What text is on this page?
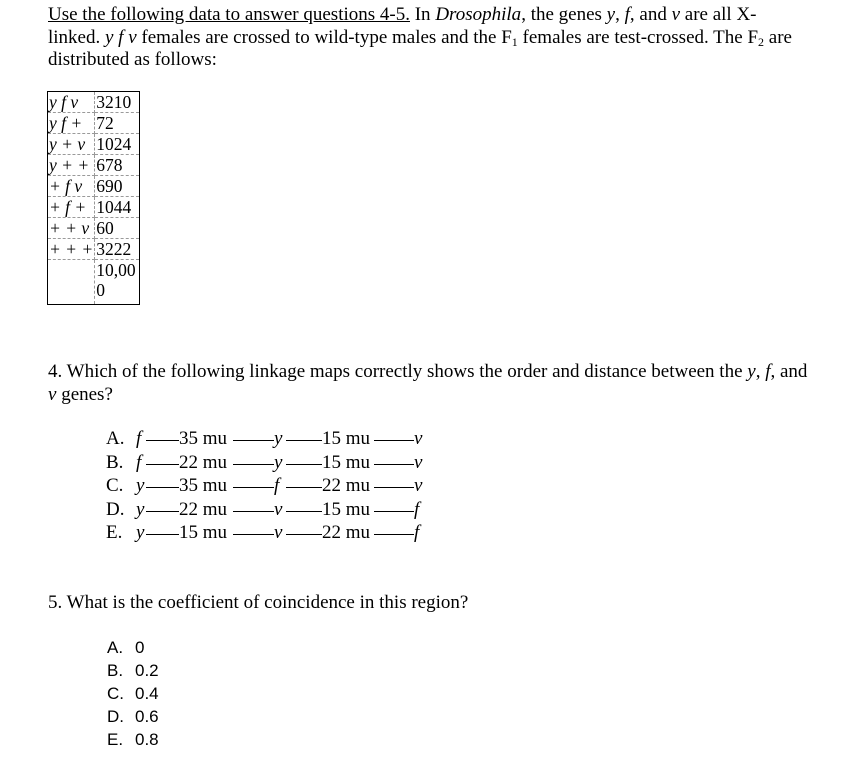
Use the following data to answer questions 4-5. In Drosophila, the genes y, f, and v are all X-linked. y f v females are crossed to wild-type males and the $F_1$ females are test-crossed. The $F_2$ are distributed as follows:

y f v	3210
y f +	72
y + v	1024
y + +	678
+ f v	690
+ f +	1044
+ + v	60
+ + +	3222
	10,000

4. Which of the following linkage maps correctly shows the order and distance between the y, f, and v genes?

A. f 35 mu y 15 mu v
B. f 22 mu y 15 mu v
C. y 35 mu f 22 mu v
D. y 22 mu v 15 mu f
E. y 15 mu v 22 mu f

5. What is the coefficient of coincidence in this region?

A. 0
B. 0.2
C. 0.4
D. 0.6
E. 0.8
